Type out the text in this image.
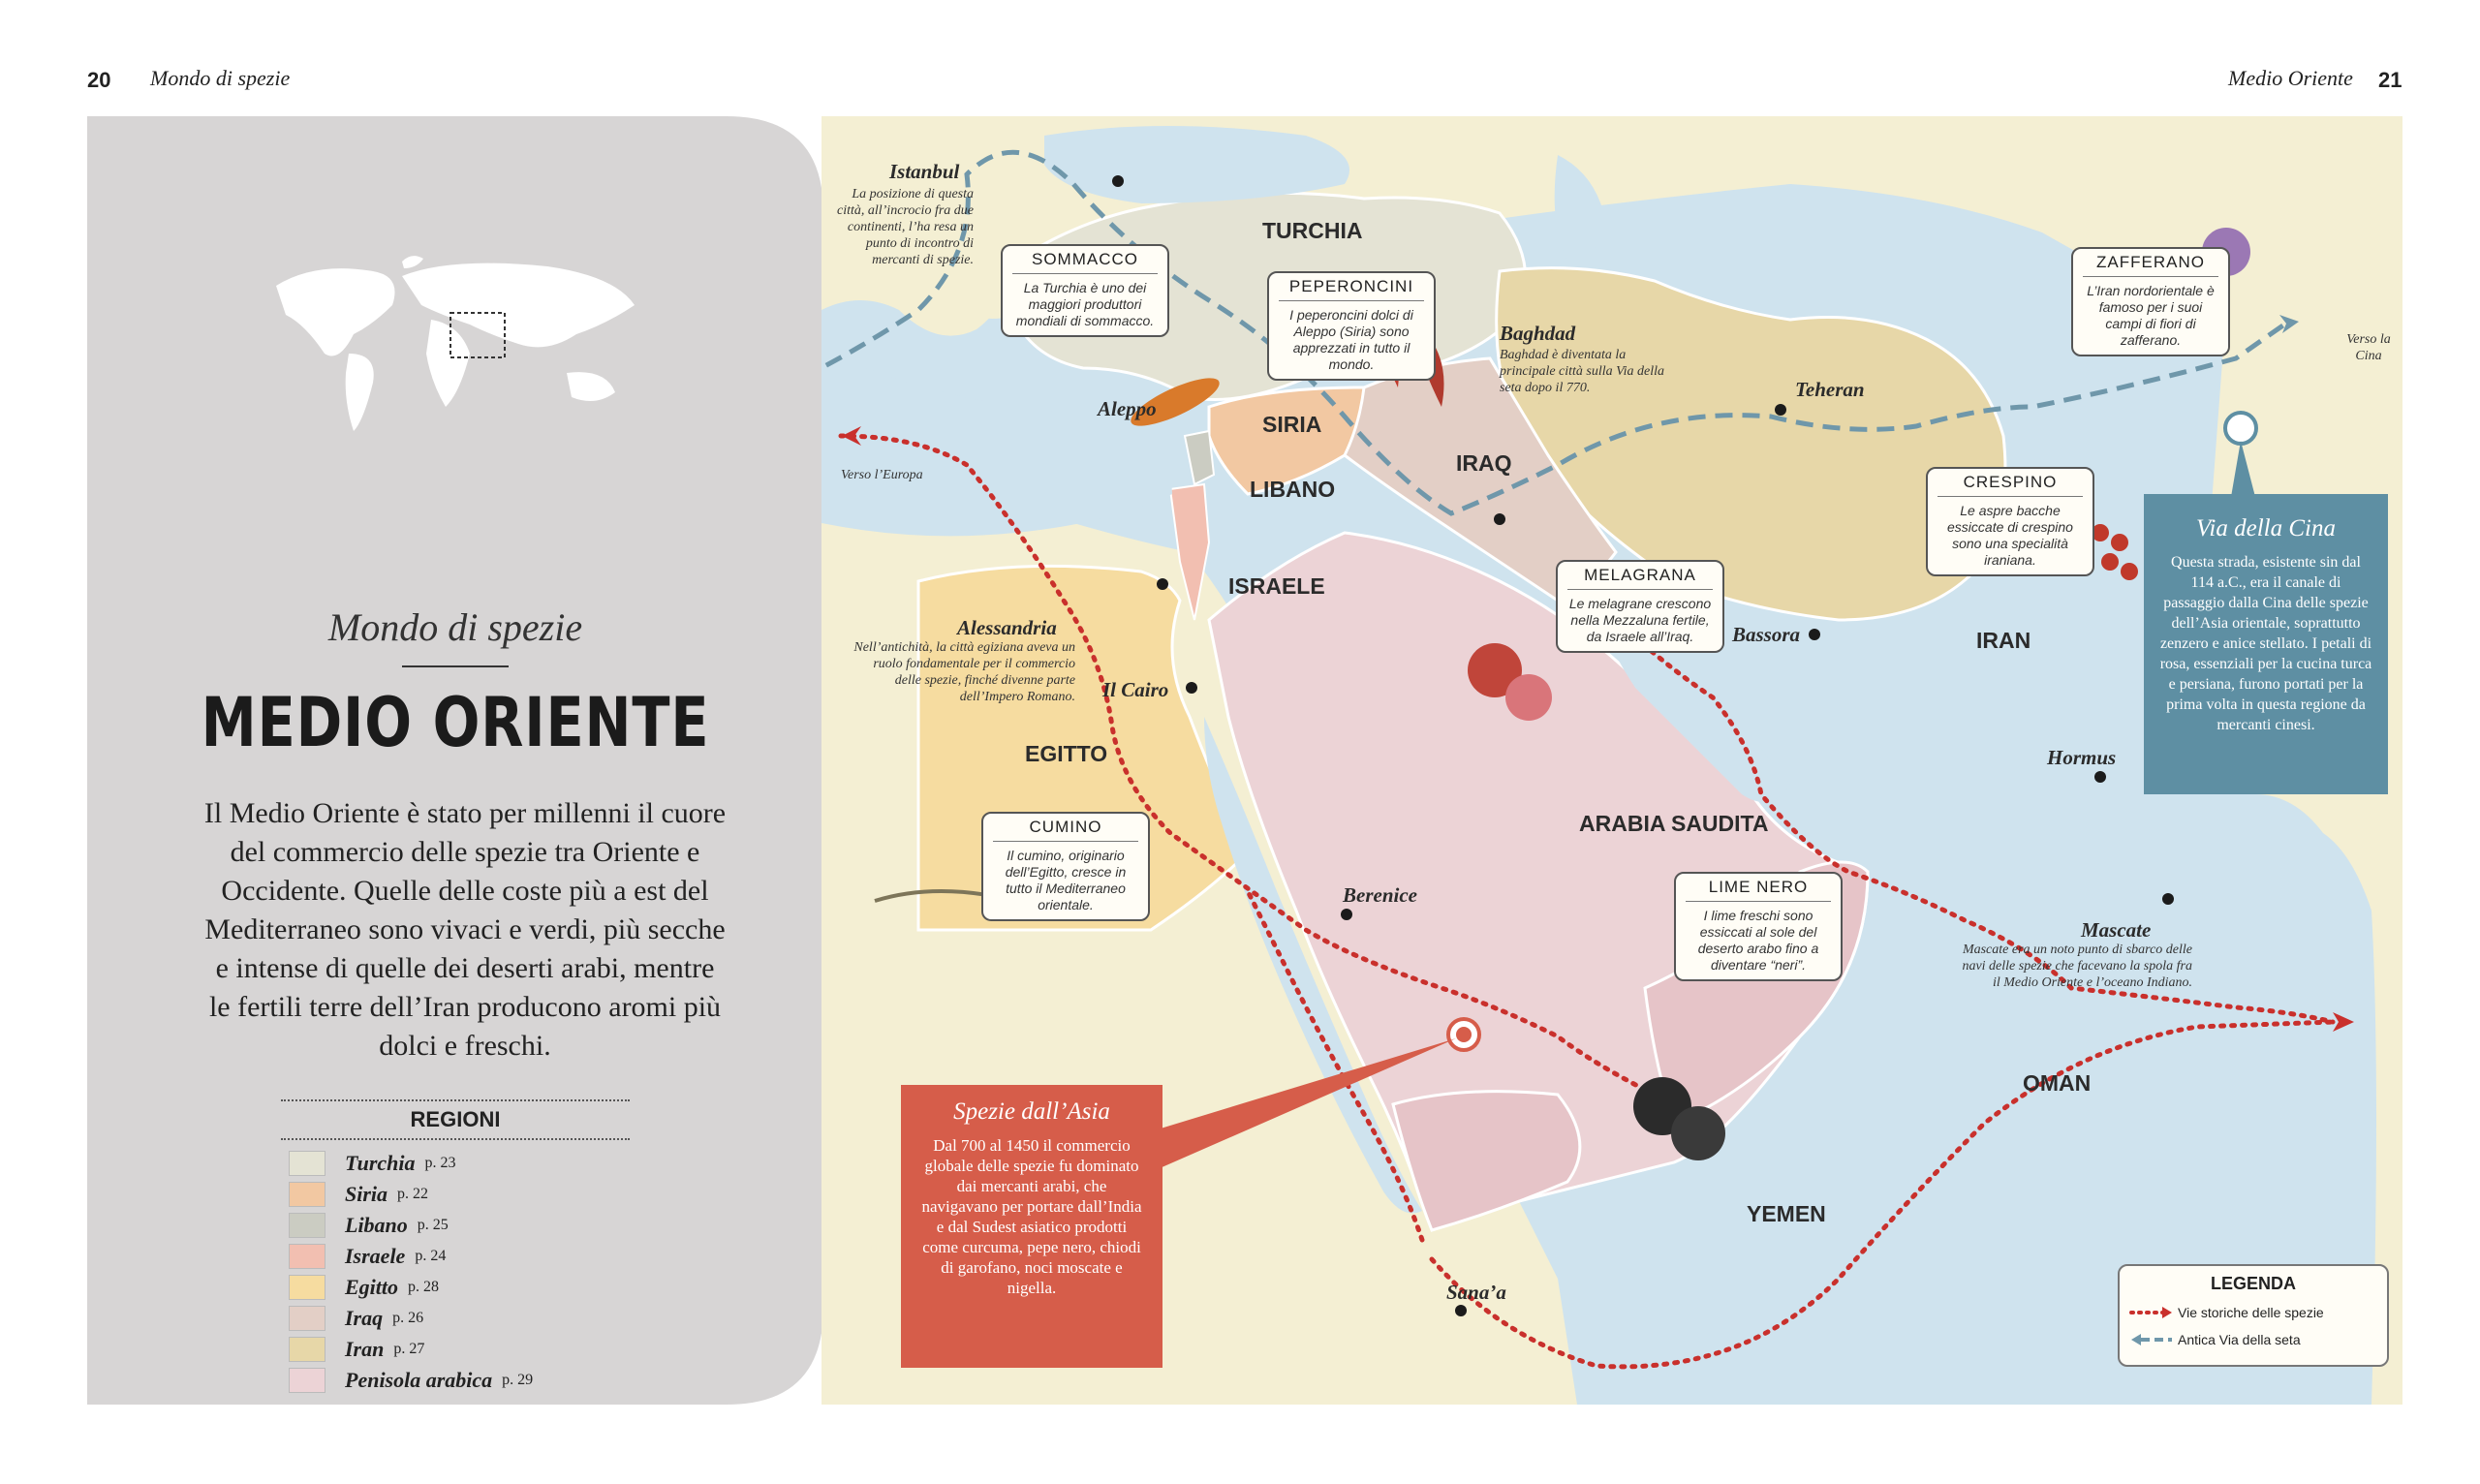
20 Mondo di spezie	Medio Oriente 21
Mondo di spezie
MEDIO ORIENTE
Il Medio Oriente è stato per millenni il cuore del commercio delle spezie tra Oriente e Occidente. Quelle delle coste più a est del Mediterraneo sono vivaci e verdi, più secche e intense di quelle dei deserti arabi, mentre le fertili terre dell’Iran producono aromi più dolci e freschi.
REGIONI
Turchia p. 23
Siria p. 22
Libano p. 25
Israele p. 24
Egitto p. 28
Iraq p. 26
Iran p. 27
Penisola arabica p. 29
TURCHIA
SIRIA
LIBANO
ISRAELE
IRAQ
IRAN
EGITTO
ARABIA SAUDITA
OMAN
YEMEN
Istanbul
Aleppo
Baghdad
Teheran
Alessandria
Il Cairo
Bassora
Hormus
Mascate
Berenice
Sana’a
La posizione di questa città, all’incrocio fra due continenti, l’ha resa un punto di incontro di mercanti di spezie.
Baghdad è diventata la principale città sulla Via della seta dopo il 770.
Nell’antichità, la città egiziana aveva un ruolo fondamentale per il commercio delle spezie, finché divenne parte dell’Impero Romano.
Mascate era un noto punto di sbarco delle navi delle spezie che facevano la spola fra il Medio Oriente e l’oceano Indiano.
Verso l’Europa
Verso la Cina
SOMMACCO
La Turchia è uno dei maggiori produttori mondiali di sommacco.
PEPERONCINI
I peperoncini dolci di Aleppo (Siria) sono apprezzati in tutto il mondo.
ZAFFERANO
L’Iran nordorientale è famoso per i suoi campi di fiori di zafferano.
CRESPINO
Le aspre bacche essiccate di crespino sono una specialità iraniana.
MELAGRANA
Le melagrane crescono nella Mezzaluna fertile, da Israele all’Iraq.
CUMINO
Il cumino, originario dell’Egitto, cresce in tutto il Mediterraneo orientale.
LIME NERO
I lime freschi sono essiccati al sole del deserto arabo fino a diventare “neri”.
Spezie dall’Asia
Dal 700 al 1450 il commercio globale delle spezie fu dominato dai mercanti arabi, che navigavano per portare dall’India e dal Sudest asiatico prodotti come curcuma, pepe nero, chiodi di garofano, noci moscate e nigella.
Via della Cina
Questa strada, esistente sin dal 114 a.C., era il canale di passaggio dalla Cina delle spezie dell’Asia orientale, soprattutto zenzero e anice stellato. I petali di rosa, essenziali per la cucina turca e persiana, furono portati per la prima volta in questa regione da mercanti cinesi.
LEGENDA
Vie storiche delle spezie
Antica Via della seta
